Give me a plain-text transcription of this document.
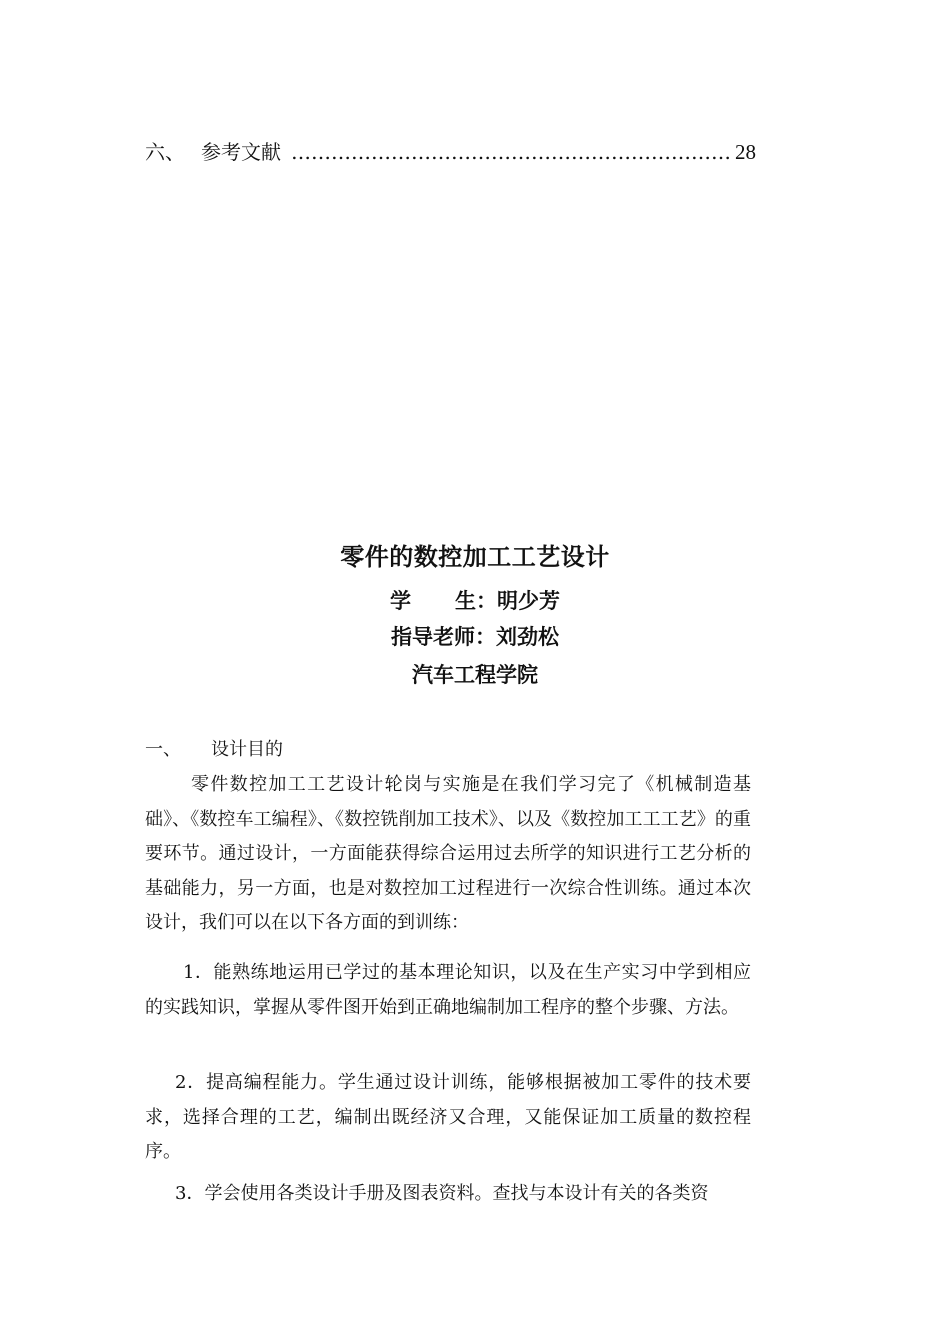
六、 参考文献 ………………………………………………………… 28
零件的数控加工工艺设计
学生：明少芳
指导老师：刘劲松
汽车工程学院
一、 设计目的

零件数控加工工艺设计轮岗与实施是在我们学习完了《机械制造基础》、《数控车工编程》、《数控铣削加工技术》、以及《数控加工工工艺》的重要环节。通过设计，一方面能获得综合运用过去所学的知识进行工艺分析的基础能力，另一方面，也是对数控加工过程进行一次综合性训练。通过本次设计，我们可以在以下各方面的到训练：

1．能熟练地运用已学过的基本理论知识，以及在生产实习中学到相应的实践知识，掌握从零件图开始到正确地编制加工程序的整个步骤、方法。

2．提高编程能力。学生通过设计训练，能够根据被加工零件的技术要求，选择合理的工艺，编制出既经济又合理，又能保证加工质量的数控程序。

3．学会使用各类设计手册及图表资料。查找与本设计有关的各类资
